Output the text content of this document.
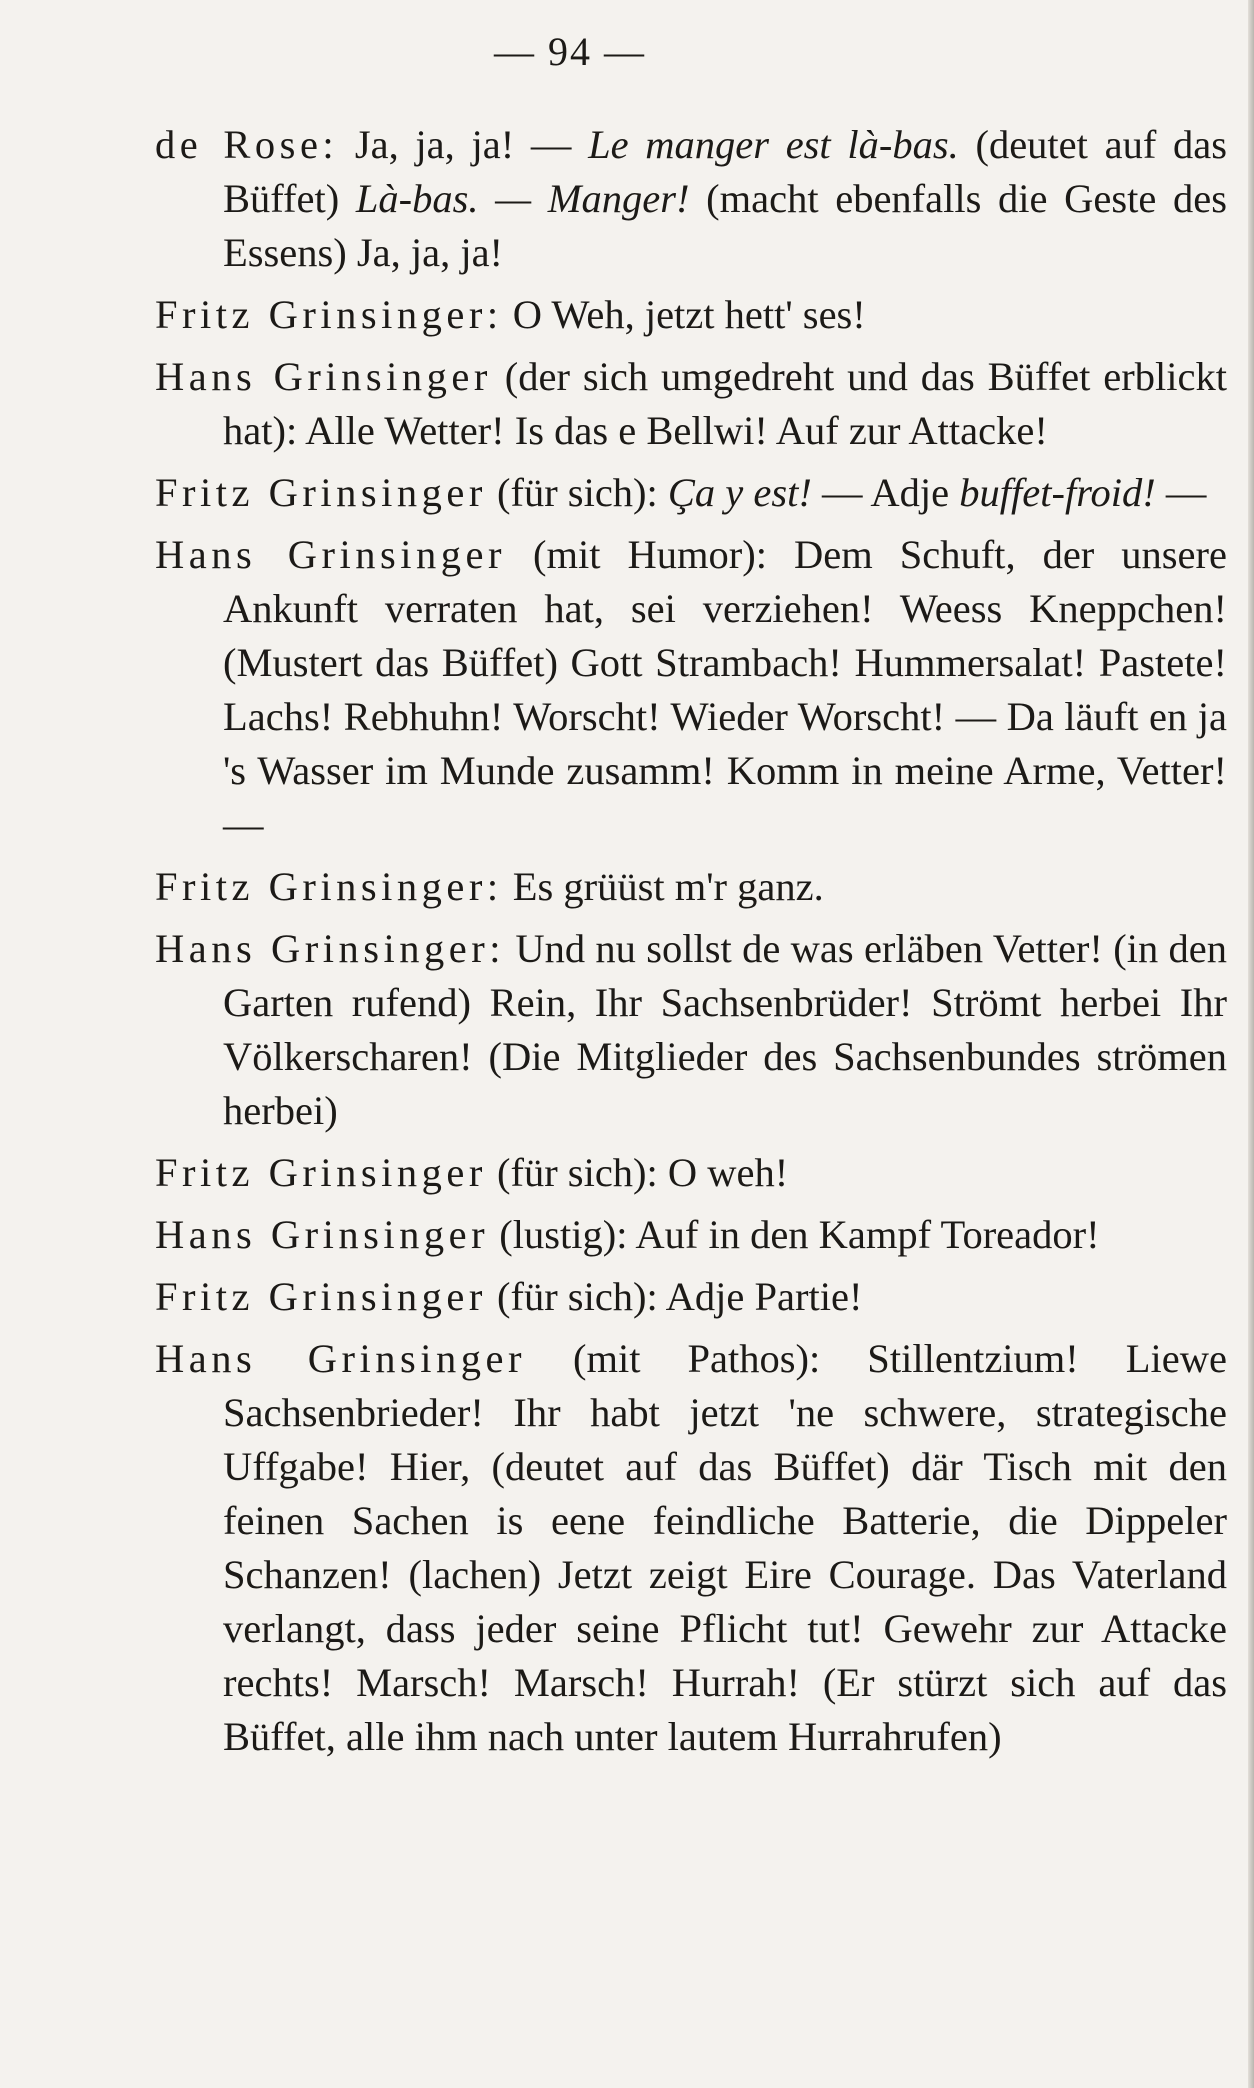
— 94 —

de Rose: Ja, ja, ja! — Le manger est là-bas. (deutet auf das Büffet) Là-bas. — Manger! (macht ebenfalls die Geste des Essens) Ja, ja, ja!

Fritz Grinsinger: O Weh, jetzt hett' ses!

Hans Grinsinger (der sich umgedreht und das Büffet erblickt hat): Alle Wetter! Is das e Bellwi! Auf zur Attacke!

Fritz Grinsinger (für sich): Ça y est! — Adje buffet-froid! —

Hans Grinsinger (mit Humor): Dem Schuft, der unsere Ankunft verraten hat, sei verziehen! Weess Kneppchen! (Mustert das Büffet) Gott Strambach! Hummersalat! Pastete! Lachs! Rebhuhn! Worscht! Wieder Worscht! — Da läuft en ja 's Wasser im Munde zusamm! Komm in meine Arme, Vetter! —

Fritz Grinsinger: Es grüüst m'r ganz.

Hans Grinsinger: Und nu sollst de was erläben Vetter! (in den Garten rufend) Rein, Ihr Sachsenbrüder! Strömt herbei Ihr Völkerscharen! (Die Mitglieder des Sachsenbundes strömen herbei)

Fritz Grinsinger (für sich): O weh!

Hans Grinsinger (lustig): Auf in den Kampf Toreador!

Fritz Grinsinger (für sich): Adje Partie!

Hans Grinsinger (mit Pathos): Stillentzium! Liewe Sachsenbrieder! Ihr habt jetzt 'ne schwere, strategische Uffgabe! Hier, (deutet auf das Büffet) där Tisch mit den feinen Sachen is eene feindliche Batterie, die Dippeler Schanzen! (lachen) Jetzt zeigt Eire Courage. Das Vaterland verlangt, dass jeder seine Pflicht tut! Gewehr zur Attacke rechts! Marsch! Marsch! Hurrah! (Er stürzt sich auf das Büffet, alle ihm nach unter lautem Hurrahrufen)
